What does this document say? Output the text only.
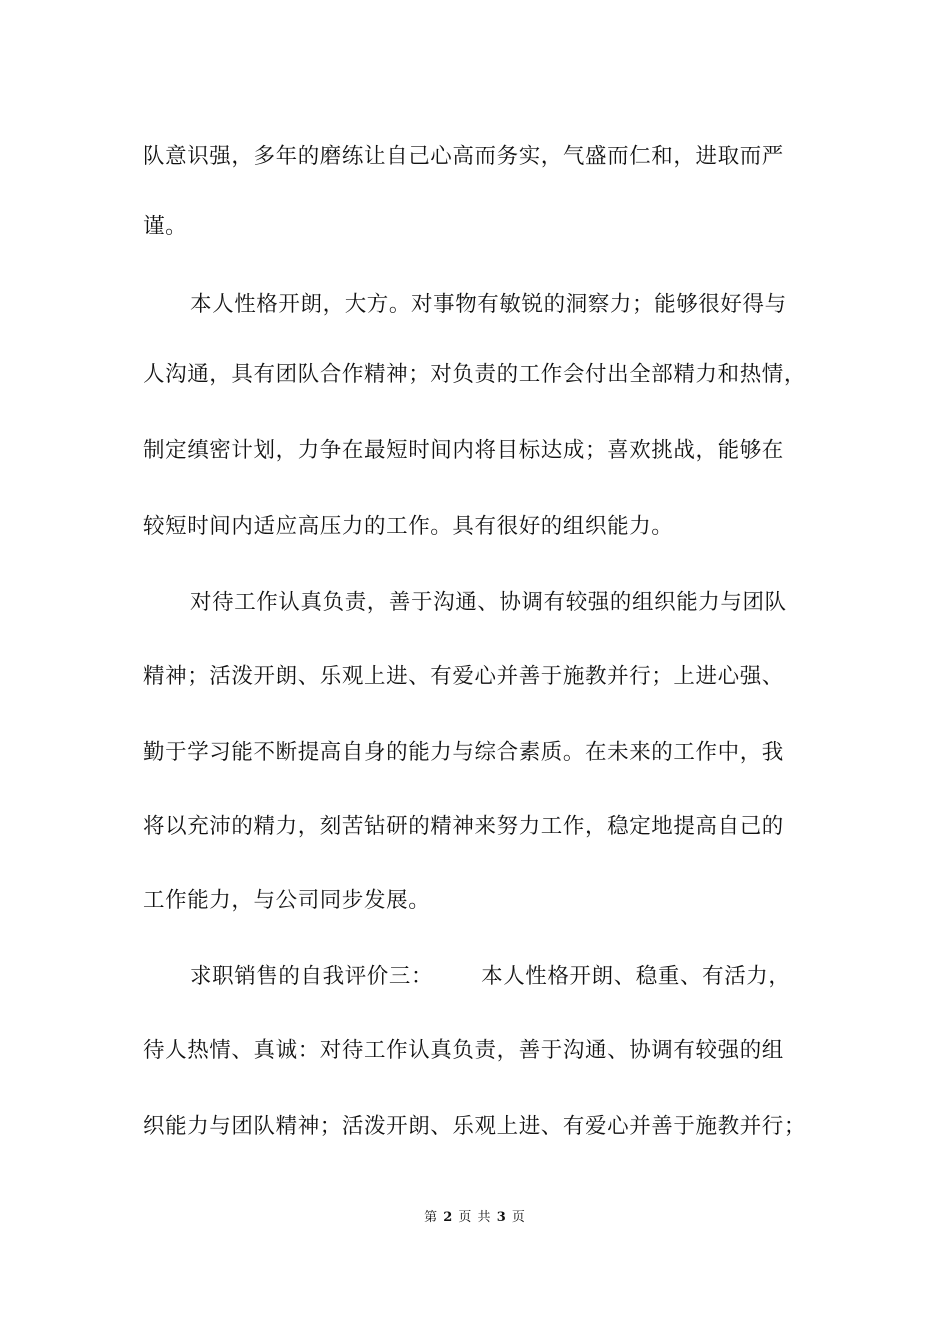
队意识强，多年的磨练让自己心高而务实，气盛而仁和，进取而严
谨。
本人性格开朗，大方。对事物有敏锐的洞察力；能够很好得与
人沟通，具有团队合作精神；对负责的工作会付出全部精力和热情，
制定缜密计划，力争在最短时间内将目标达成；喜欢挑战，能够在
较短时间内适应高压力的工作。具有很好的组织能力。
对待工作认真负责，善于沟通、协调有较强的组织能力与团队
精神；活泼开朗、乐观上进、有爱心并善于施教并行；上进心强、
勤于学习能不断提高自身的能力与综合素质。在未来的工作中，我
将以充沛的精力，刻苦钻研的精神来努力工作，稳定地提高自己的
工作能力，与公司同步发展。
求职销售的自我评价三： 本人性格开朗、稳重、有活力，
待人热情、真诚：对待工作认真负责，善于沟通、协调有较强的组
织能力与团队精神；活泼开朗、乐观上进、有爱心并善于施教并行；
第 2 页 共 3 页
